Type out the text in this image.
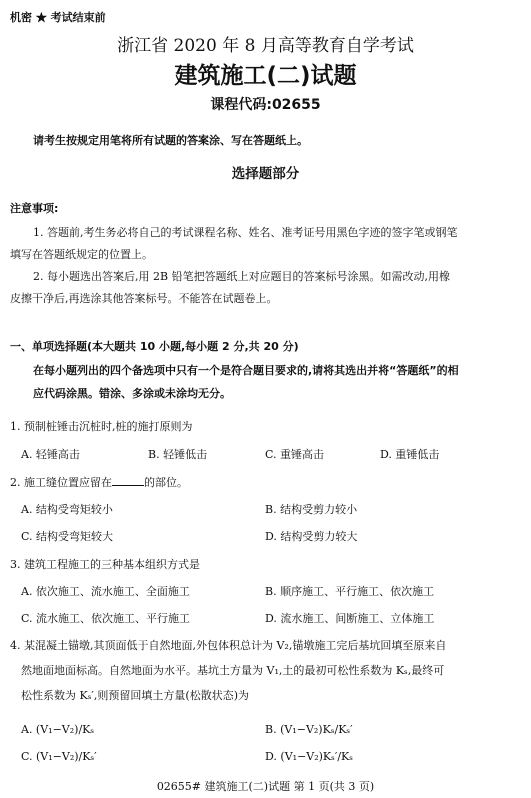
机密 ★ 考试结束前
浙江省 2020 年 8 月高等教育自学考试
建筑施工(二)试题
课程代码:02655
请考生按规定用笔将所有试题的答案涂、写在答题纸上。
选择题部分
注意事项:
1. 答题前,考生务必将自己的考试课程名称、姓名、准考证号用黑色字迹的签字笔或钢笔
填写在答题纸规定的位置上。
2. 每小题选出答案后,用 2B 铅笔把答题纸上对应题目的答案标号涂黑。如需改动,用橡
皮擦干净后,再选涂其他答案标号。不能答在试题卷上。
一、单项选择题(本大题共 10 小题,每小题 2 分,共 20 分)
在每小题列出的四个备选项中只有一个是符合题目要求的,请将其选出并将“答题纸”的相
应代码涂黑。错涂、多涂或未涂均无分。
1. 预制桩锤击沉桩时,桩的施打原则为
A. 轻锤高击	B. 轻锤低击	C. 重锤高击	D. 重锤低击
2. 施工缝位置应留在	的部位。
A. 结构受弯矩较小	B. 结构受剪力较小
C. 结构受弯矩较大	D. 结构受剪力较大
3. 建筑工程施工的三种基本组织方式是
A. 依次施工、流水施工、全面施工	B. 顺序施工、平行施工、依次施工
C. 流水施工、依次施工、平行施工	D. 流水施工、间断施工、立体施工
4. 某混凝土锚墩,其顶面低于自然地面,外包体积总计为 V₂,锚墩施工完后基坑回填至原来自
然地面地面标高。自然地面为水平。基坑土方量为 V₁,土的最初可松性系数为 Kₛ,最终可
松性系数为 Kₛ′,则预留回填土方量(松散状态)为
A. (V₁−V₂)/Kₛ	B. (V₁−V₂)Kₛ/Kₛ′
C. (V₁−V₂)/Kₛ′	D. (V₁−V₂)Kₛ′/Kₛ
02655# 建筑施工(二)试题 第 1 页(共 3 页)
